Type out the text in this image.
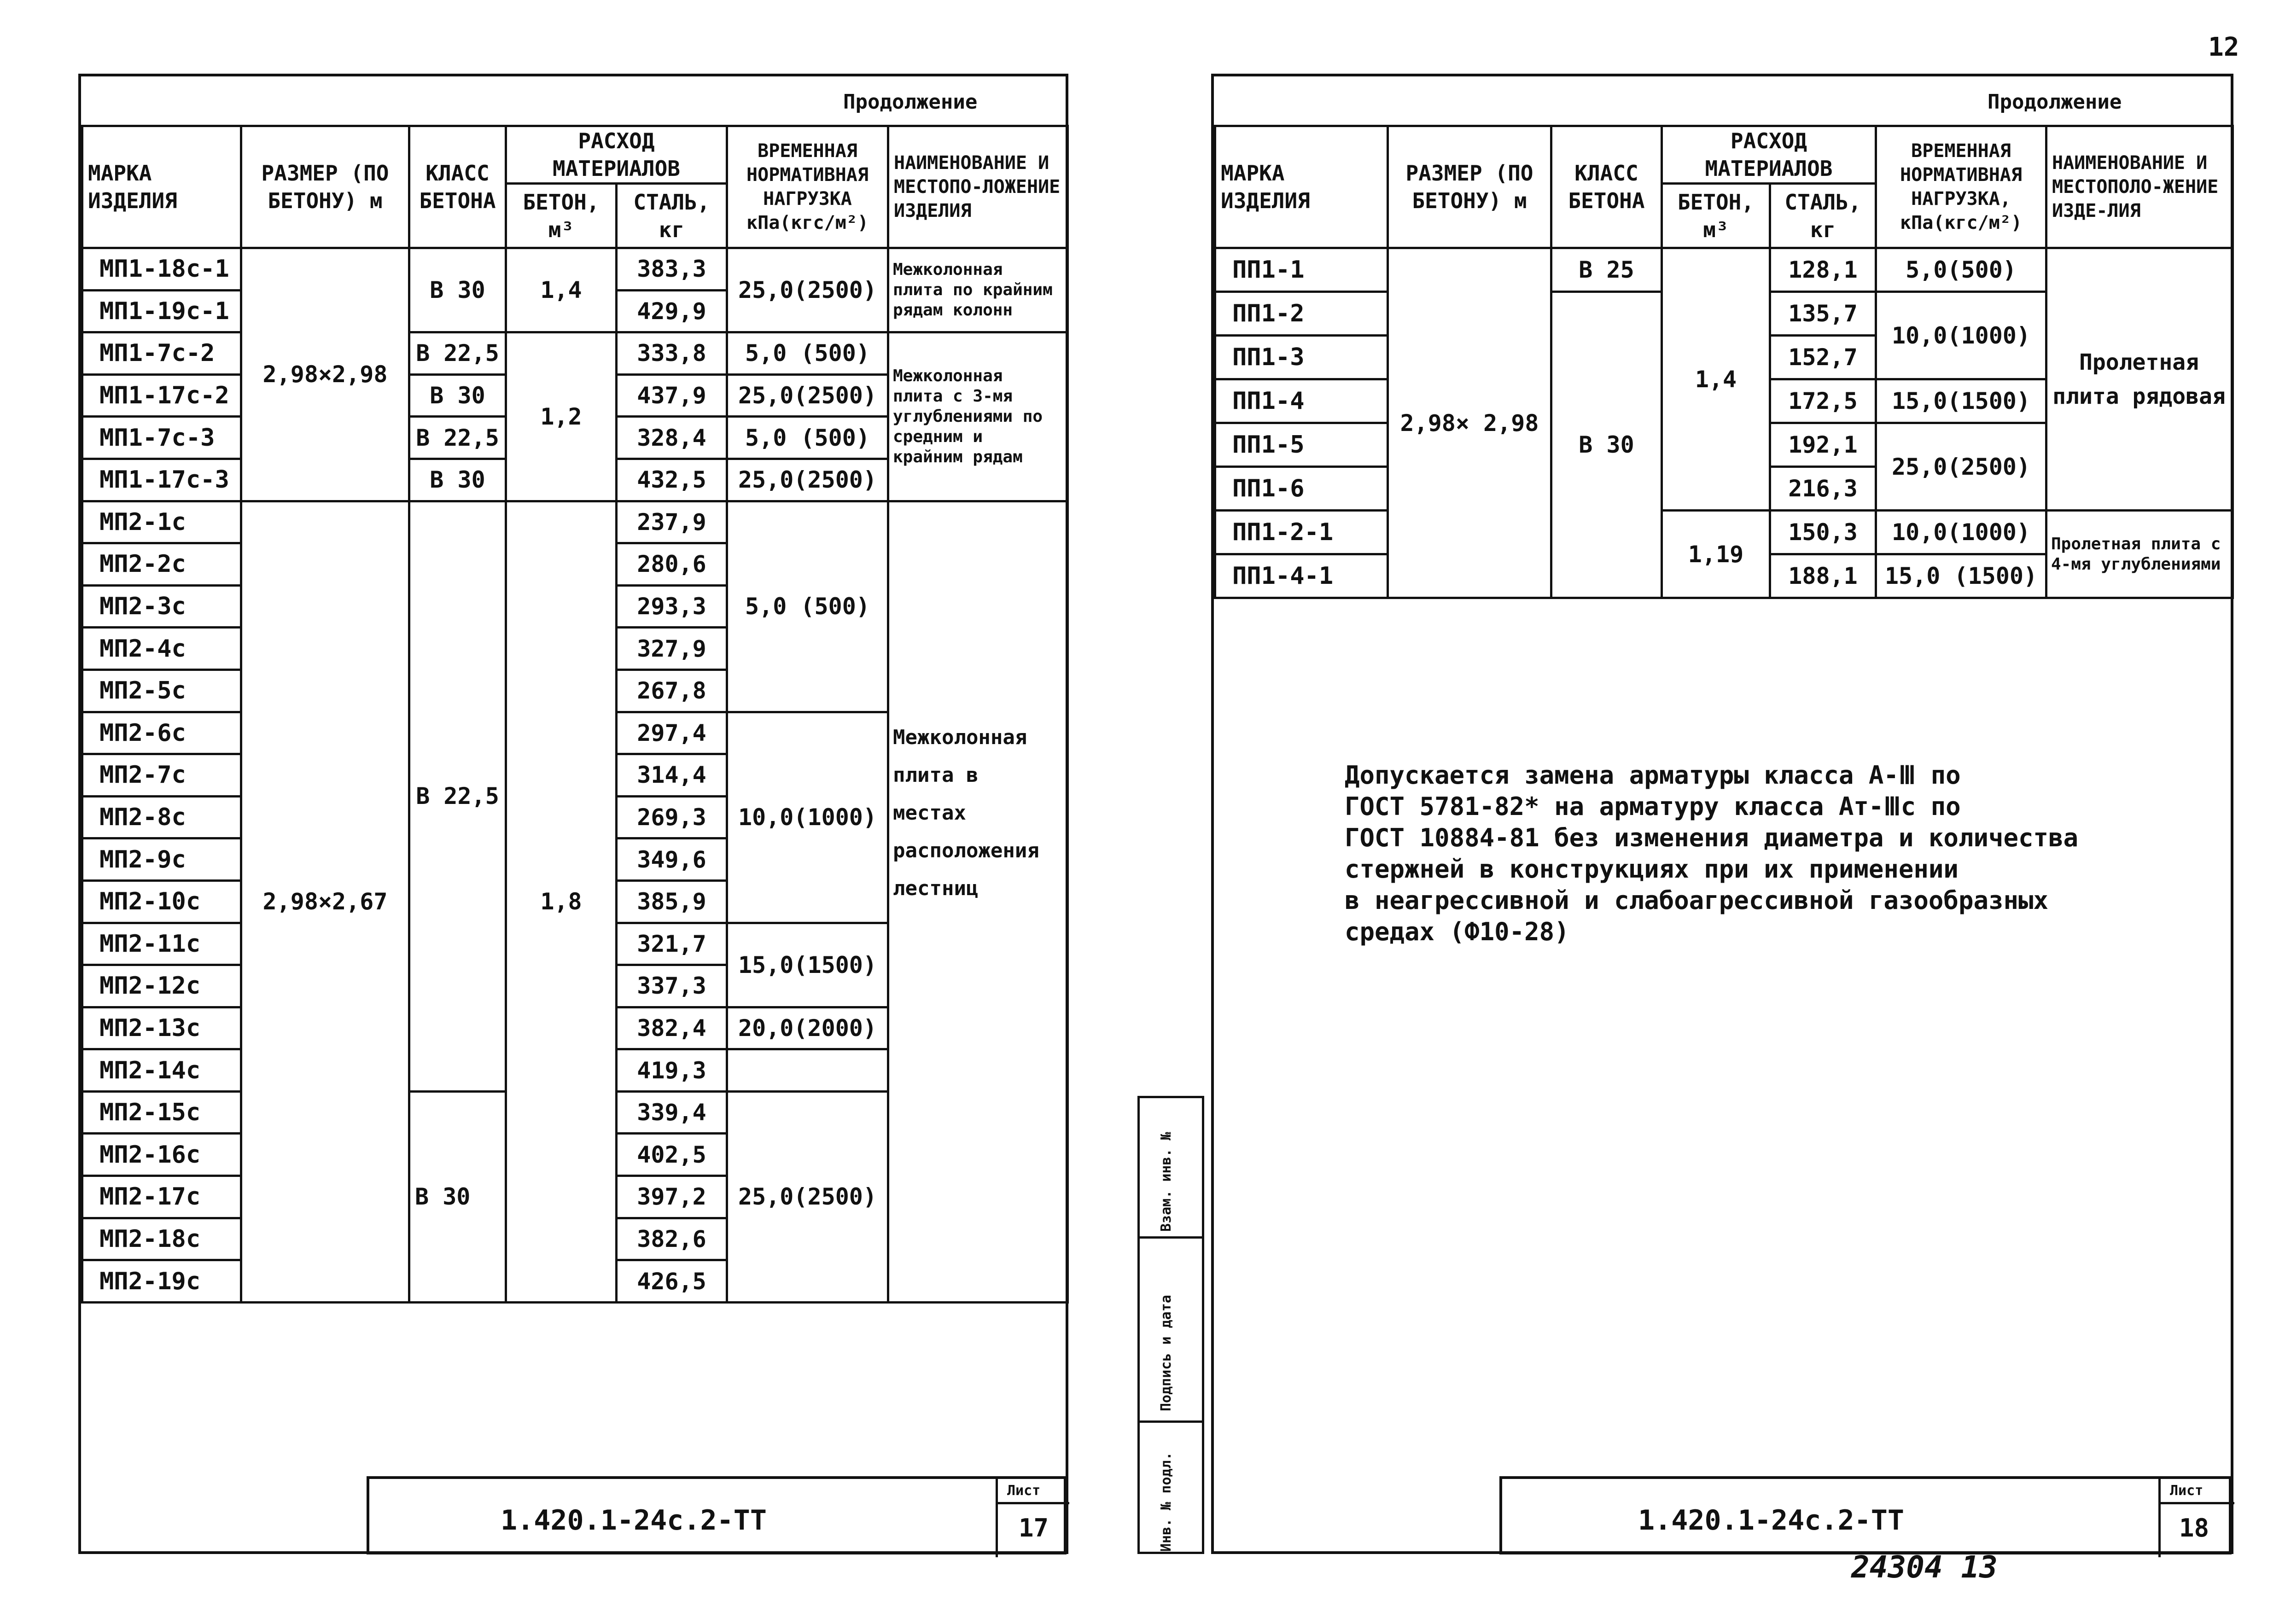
12
Продолжение
МАРКА ИЗДЕЛИЯ	РАЗМЕР (ПО БЕТОНУ) м	КЛАСС БЕТОНА	РАСХОД МАТЕРИАЛОВ		ВРЕМЕННАЯ НОРМАТИВНАЯ НАГРУЗКА кПа(кгс/м²)	НАИМЕНОВАНИЕ И МЕСТОПО-ЛОЖЕНИЕ ИЗДЕЛИЯ
			БЕТОН, м³	СТАЛЬ, кг		
МП1-18с-1	2,98×2,98	В 30	1,4	383,3	25,0(2500)	Межколонная плита по крайним рядам колонн
МП1-19с-1				429,9		
МП1-7с-2		В 22,5	1,2	333,8	5,0 (500)	Межколонная плита с 3-мя углублениями по средним и крайним рядам
МП1-17с-2		В 30		437,9	25,0(2500)	
МП1-7с-3		В 22,5		328,4	5,0 (500)	
МП1-17с-3		В 30		432,5	25,0(2500)	
МП2-1с	2,98×2,67	В 22,5	1,8	237,9	5,0 (500)	Межколонная плита в местах расположения лестниц
МП2-2с				280,6		
МП2-3с				293,3		
МП2-4с				327,9		
МП2-5с				267,8		
МП2-6с				297,4	10,0(1000)	
МП2-7с				314,4		
МП2-8с				269,3		
МП2-9с				349,6		
МП2-10с				385,9		
МП2-11с				321,7	15,0(1500)	
МП2-12с				337,3		
МП2-13с				382,4	20,0(2000)	
МП2-14с				419,3		
МП2-15с		В 30		339,4	25,0(2500)	
МП2-16с				402,5		
МП2-17с				397,2		
МП2-18с				382,6		
МП2-19с				426,5		

1.420.1-24с.2-ТТ
Лист
17
Продолжение
МАРКА ИЗДЕЛИЯ	РАЗМЕР (ПО БЕТОНУ) м	КЛАСС БЕТОНА	РАСХОД МАТЕРИАЛОВ		ВРЕМЕННАЯ НОРМАТИВНАЯ НАГРУЗКА, кПа(кгс/м²)	НАИМЕНОВАНИЕ И МЕСТОПОЛО-ЖЕНИЕ ИЗДЕ-ЛИЯ
			БЕТОН, м³	СТАЛЬ, кг		
ПП1-1	2,98× 2,98	В 25	1,4	128,1	5,0(500)	Пролетная плита рядовая
ПП1-2		В 30		135,7	10,0(1000)	
ПП1-3				152,7		
ПП1-4				172,5	15,0(1500)	
ПП1-5				192,1	25,0(2500)	
ПП1-6				216,3		
ПП1-2-1			1,19	150,3	10,0(1000)	Пролетная плита с 4-мя углублениями
ПП1-4-1				188,1	15,0 (1500)	
1.420.1-24с.2-ТТ
Лист
18
Допускается замена арматуры класса А-Ⅲ по
ГОСТ 5781-82* на арматуру класса Ат-Ⅲс по
ГОСТ 10884-81 без изменения диаметра и количества
стержней в конструкциях при их применении
в неагрессивной и слабоагрессивной газообразных
средах (Ф10-28)
Взам. инв. №
Подпись и дата
Инв. № подл.
24304 13
